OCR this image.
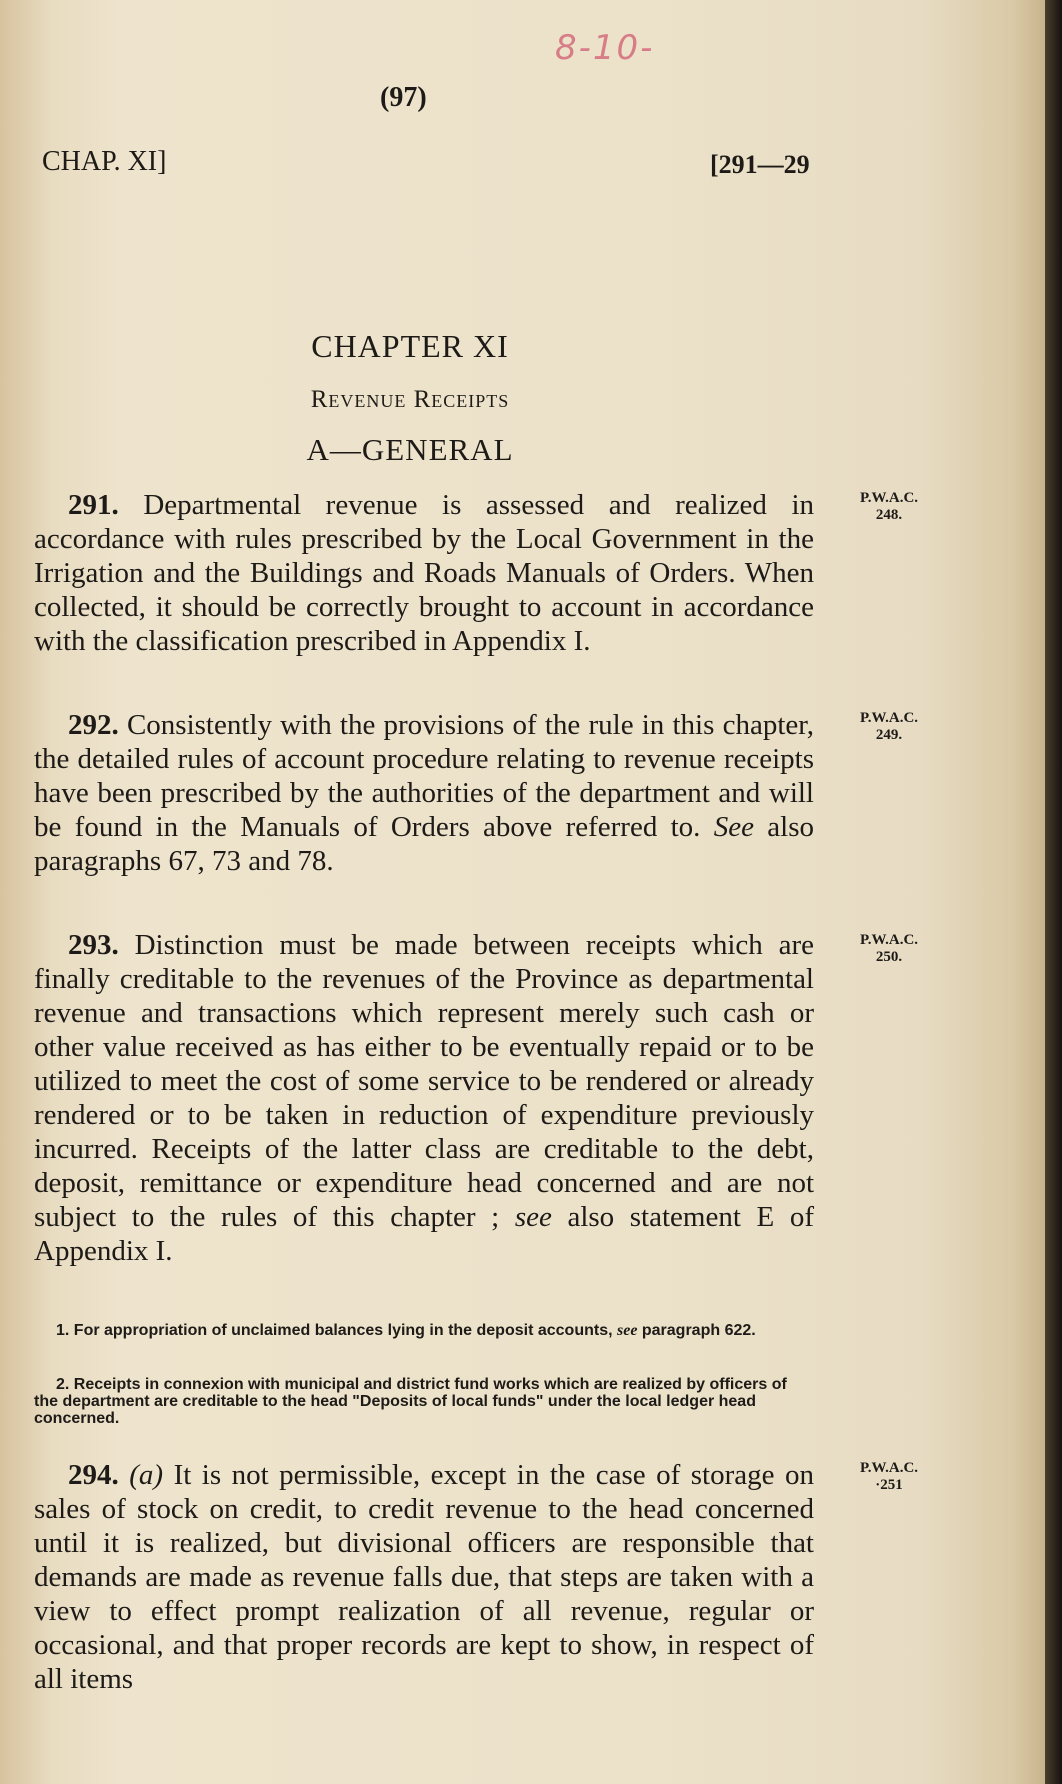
8-10-
(97)
CHAP. XI]	[291—29
CHAPTER XI
Revenue Receipts
A—GENERAL
291. Departmental revenue is assessed and realized in accordance with rules prescribed by the Local Government in the Irrigation and the Buildings and Roads Manuals of Orders. When collected, it should be correctly brought to account in accordance with the classification prescribed in Appendix I.
P.W.A.C.
248.
292. Consistently with the provisions of the rule in this chapter, the detailed rules of account procedure relating to revenue receipts have been prescribed by the authorities of the department and will be found in the Manuals of Orders above referred to. See also paragraphs 67, 73 and 78.
P.W.A.C.
249.
293. Distinction must be made between receipts which are finally creditable to the revenues of the Province as departmental revenue and transactions which represent merely such cash or other value received as has either to be eventually repaid or to be utilized to meet the cost of some service to be rendered or already rendered or to be taken in reduction of expenditure previously incurred. Receipts of the latter class are creditable to the debt, deposit, remittance or expenditure head concerned and are not subject to the rules of this chapter ; see also statement E of Appendix I.
P.W.A.C.
250.
1. For appropriation of unclaimed balances lying in the deposit accounts, see paragraph 622.
2. Receipts in connexion with municipal and district fund works which are realized by officers of the department are creditable to the head "Deposits of local funds" under the local ledger head concerned.
294. (a) It is not permissible, except in the case of storage on sales of stock on credit, to credit revenue to the head concerned until it is realized, but divisional officers are responsible that demands are made as revenue falls due, that steps are taken with a view to effect prompt realization of all revenue, regular or occasional, and that proper records are kept to show, in respect of all items
P.W.A.C.
·251
